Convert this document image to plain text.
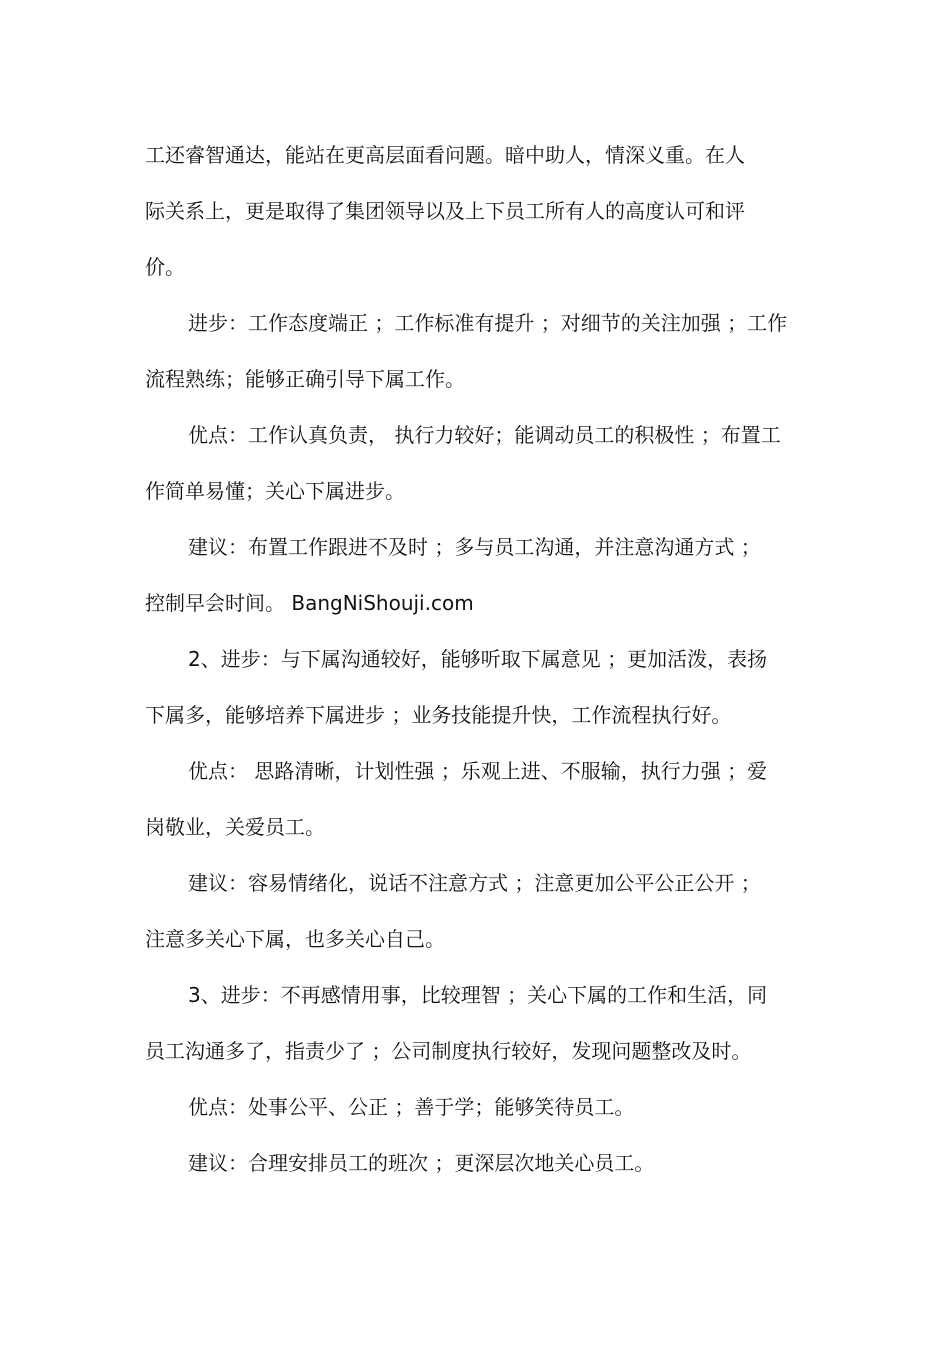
工还睿智通达，能站在更高层面看问题。暗中助人，情深义重。在人
际关系上，更是取得了集团领导以及上下员工所有人的高度认可和评
价。
进步：工作态度端正 ；工作标准有提升 ；对细节的关注加强 ；工作
流程熟练；能够正确引导下属工作。
优点：工作认真负责， 执行力较好；能调动员工的积极性 ；布置工
作简单易懂；关心下属进步。
建议：布置工作跟进不及时 ；多与员工沟通，并注意沟通方式 ；
控制早会时间。 BangNiShouji.com
2、进步：与下属沟通较好，能够听取下属意见 ；更加活泼，表扬
下属多，能够培养下属进步 ；业务技能提升快，工作流程执行好。
优点： 思路清晰，计划性强 ；乐观上进、不服输，执行力强 ；爱
岗敬业，关爱员工。
建议：容易情绪化，说话不注意方式 ；注意更加公平公正公开 ；
注意多关心下属，也多关心自己。
3、进步：不再感情用事，比较理智 ；关心下属的工作和生活，同
员工沟通多了，指责少了 ；公司制度执行较好，发现问题整改及时。
优点：处事公平、公正 ；善于学；能够笑待员工。
建议：合理安排员工的班次 ；更深层次地关心员工。
